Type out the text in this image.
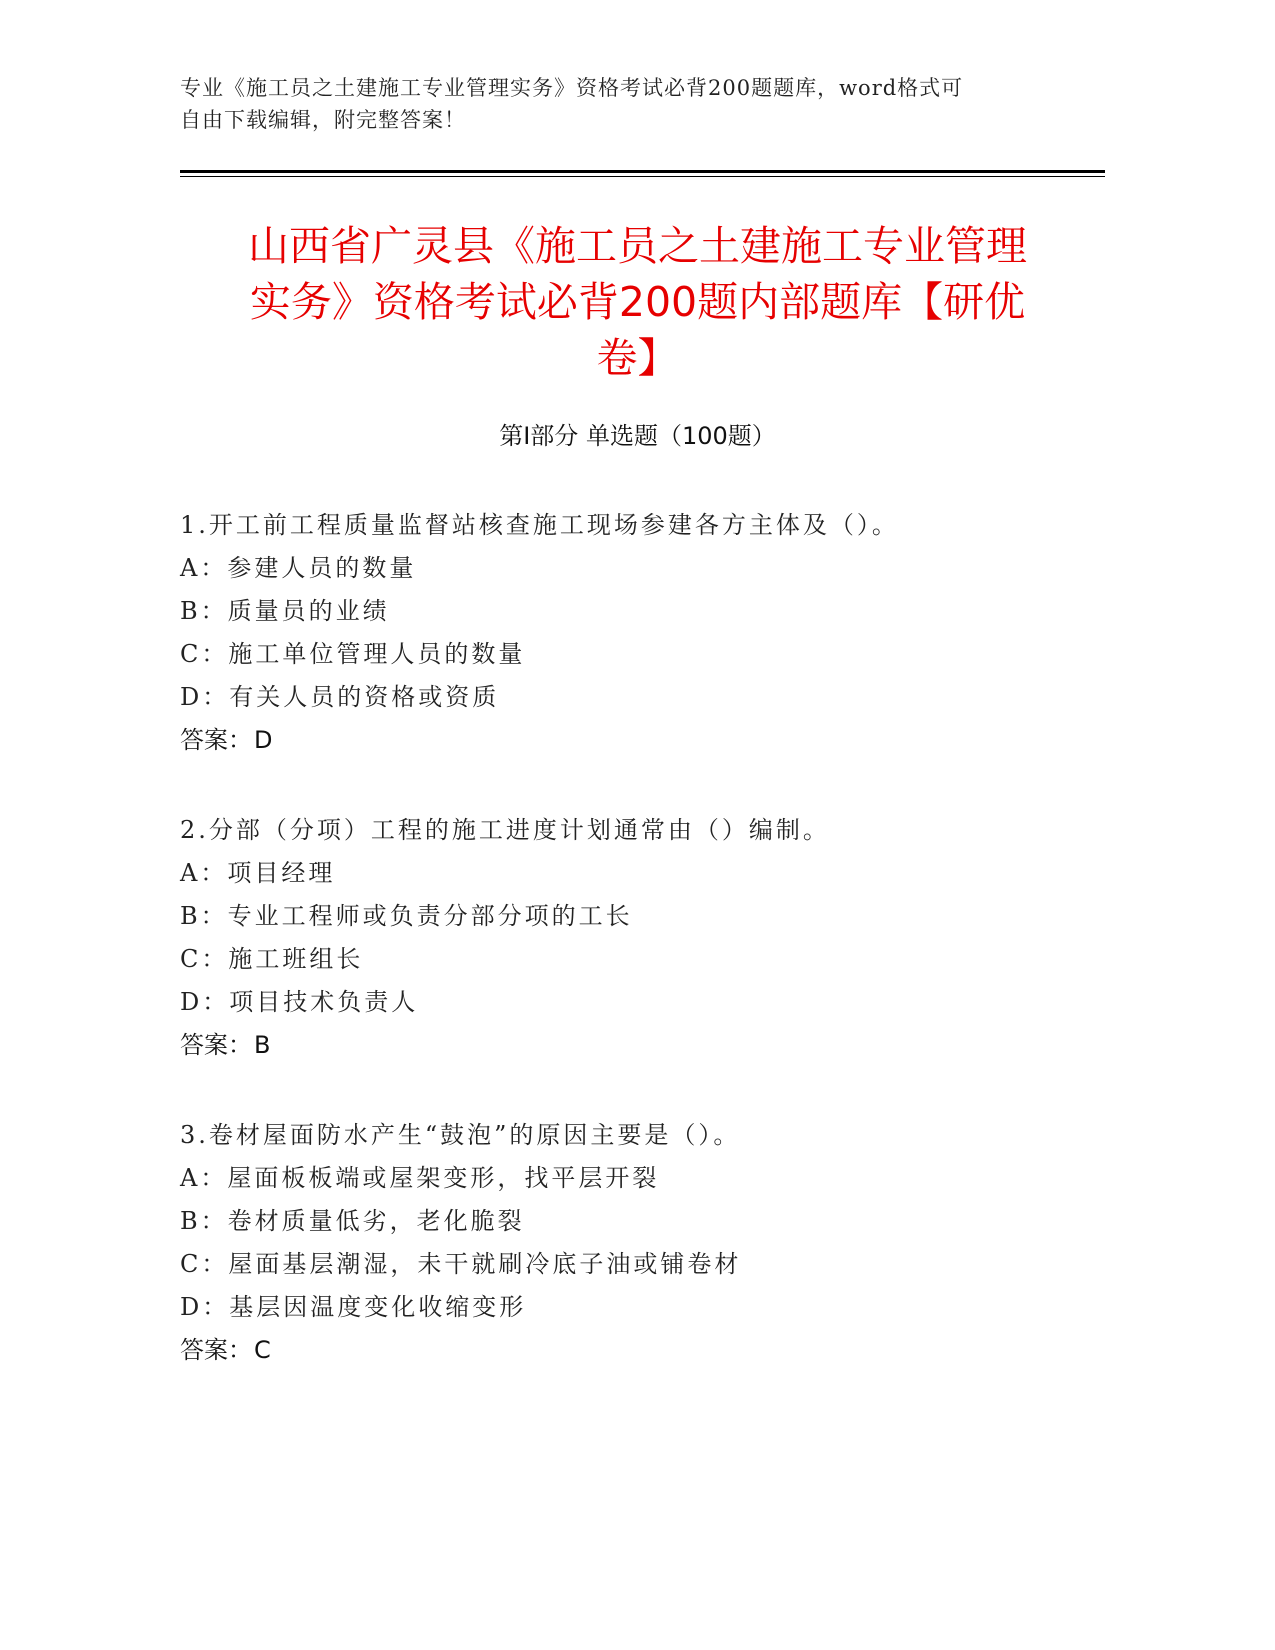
专业《施工员之土建施工专业管理实务》资格考试必背200题题库，word格式可
自由下载编辑，附完整答案！
山西省广灵县《施工员之土建施工专业管理
实务》资格考试必背200题内部题库【研优
卷】
第Ⅰ部分 单选题（100题）
1.开工前工程质量监督站核查施工现场参建各方主体及（）。
A：参建人员的数量
B：质量员的业绩
C：施工单位管理人员的数量
D：有关人员的资格或资质
答案：D
2.分部（分项）工程的施工进度计划通常由（）编制。
A：项目经理
B：专业工程师或负责分部分项的工长
C：施工班组长
D：项目技术负责人
答案：B
3.卷材屋面防水产生“鼓泡”的原因主要是（）。
A：屋面板板端或屋架变形，找平层开裂
B：卷材质量低劣，老化脆裂
C：屋面基层潮湿，未干就刷冷底子油或铺卷材
D：基层因温度变化收缩变形
答案：C
